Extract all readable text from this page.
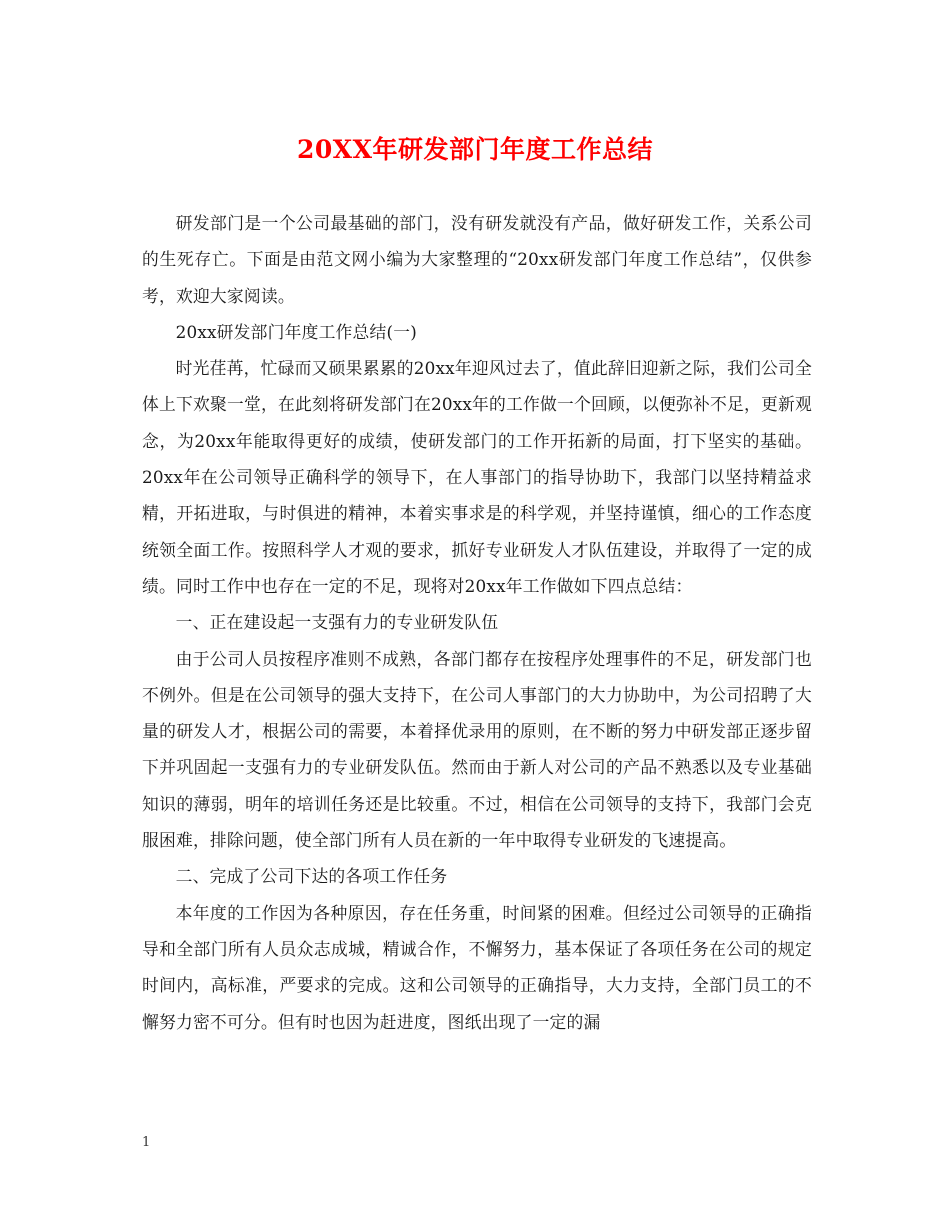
20XX年研发部门年度工作总结

研发部门是一个公司最基础的部门，没有研发就没有产品，做好研发工作，关系公司的生死存亡。下面是由范文网小编为大家整理的“20xx研发部门年度工作总结”，仅供参考，欢迎大家阅读。

20xx研发部门年度工作总结(一)

时光荏苒，忙碌而又硕果累累的20xx年迎风过去了，值此辞旧迎新之际，我们公司全体上下欢聚一堂，在此刻将研发部门在20xx年的工作做一个回顾，以便弥补不足，更新观念，为20xx年能取得更好的成绩，使研发部门的工作开拓新的局面，打下坚实的基础。20xx年在公司领导正确科学的领导下，在人事部门的指导协助下，我部门以坚持精益求精，开拓进取，与时俱进的精神，本着实事求是的科学观，并坚持谨慎，细心的工作态度统领全面工作。按照科学人才观的要求，抓好专业研发人才队伍建设，并取得了一定的成绩。同时工作中也存在一定的不足，现将对20xx年工作做如下四点总结：

一、正在建设起一支强有力的专业研发队伍

由于公司人员按程序准则不成熟，各部门都存在按程序处理事件的不足，研发部门也不例外。但是在公司领导的强大支持下，在公司人事部门的大力协助中，为公司招聘了大量的研发人才，根据公司的需要，本着择优录用的原则，在不断的努力中研发部正逐步留下并巩固起一支强有力的专业研发队伍。然而由于新人对公司的产品不熟悉以及专业基础知识的薄弱，明年的培训任务还是比较重。不过，相信在公司领导的支持下，我部门会克服困难，排除问题，使全部门所有人员在新的一年中取得专业研发的飞速提高。

二、完成了公司下达的各项工作任务

本年度的工作因为各种原因，存在任务重，时间紧的困难。但经过公司领导的正确指导和全部门所有人员众志成城，精诚合作，不懈努力，基本保证了各项任务在公司的规定时间内，高标准，严要求的完成。这和公司领导的正确指导，大力支持，全部门员工的不懈努力密不可分。但有时也因为赶进度，图纸出现了一定的漏

1
